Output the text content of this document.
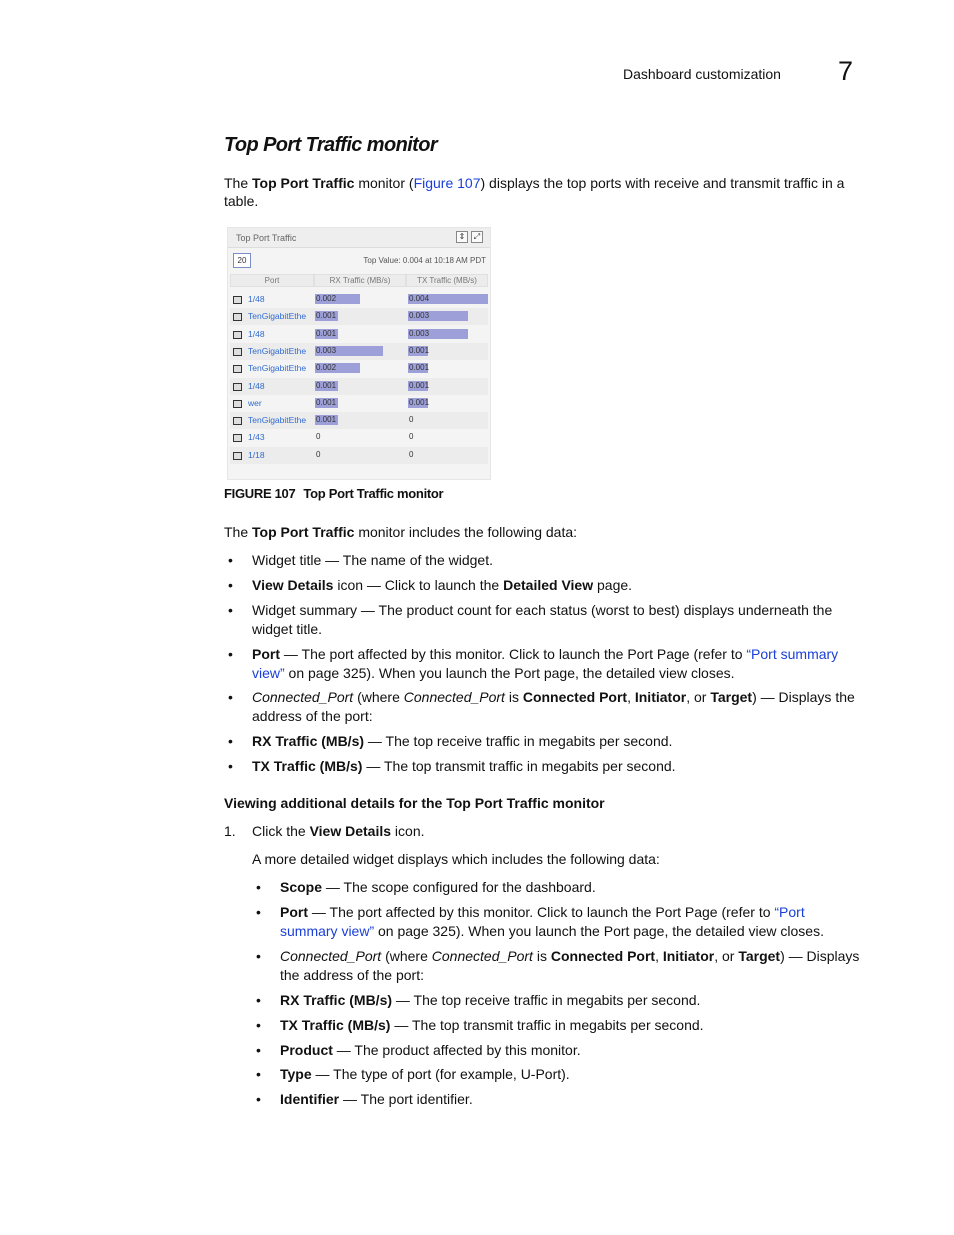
Dashboard customization 7
Top Port Traffic monitor
The Top Port Traffic monitor (Figure 107) displays the top ports with receive and transmit traffic in a
table.
Top Port Traffic	⇕	⤢
20	Top Value: 0.004 at 10:18 AM PDT
Port	RX Traffic (MB/s)	TX Traffic (MB/s)
1/48	0.002	0.004
TenGigabitEthe	0.001	0.003
1/48	0.001	0.003
TenGigabitEthe	0.003	0.001
TenGigabitEthe	0.002	0.001
1/48	0.001	0.001
wer	0.001	0.001
TenGigabitEthe	0.001	0
1/43	0	0
1/18	0	0
FIGURE 107 Top Port Traffic monitor
The Top Port Traffic monitor includes the following data:
• Widget title — The name of the widget.
• View Details icon — Click to launch the Detailed View page.
• Widget summary — The product count for each status (worst to best) displays underneath the
widget title.
• Port — The port affected by this monitor. Click to launch the Port Page (refer to “Port summary
view” on page 325). When you launch the Port page, the detailed view closes.
• Connected_Port (where Connected_Port is Connected Port, Initiator, or Target) — Displays the
address of the port:
• RX Traffic (MB/s) — The top receive traffic in megabits per second.
• TX Traffic (MB/s) — The top transmit traffic in megabits per second.
Viewing additional details for the Top Port Traffic monitor
1. Click the View Details icon.
A more detailed widget displays which includes the following data:
• Scope — The scope configured for the dashboard.
• Port — The port affected by this monitor. Click to launch the Port Page (refer to “Port
summary view” on page 325). When you launch the Port page, the detailed view closes.
• Connected_Port (where Connected_Port is Connected Port, Initiator, or Target) — Displays
the address of the port:
• RX Traffic (MB/s) — The top receive traffic in megabits per second.
• TX Traffic (MB/s) — The top transmit traffic in megabits per second.
• Product — The product affected by this monitor.
• Type — The type of port (for example, U-Port).
• Identifier — The port identifier.
